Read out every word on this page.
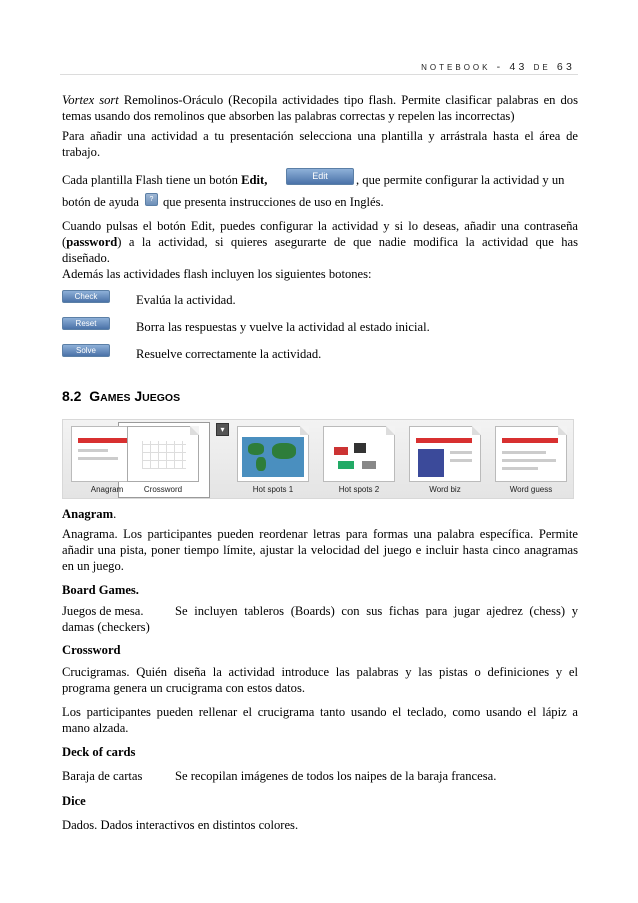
NOTEBOOK - 43 DE 63

Vortex sort Remolinos-Oráculo (Recopila actividades tipo flash. Permite clasificar palabras en dos
temas usando dos remolinos que absorben las palabras correctas y repelen las incorrectas)

Para añadir una actividad a tu presentación selecciona una plantilla y arrástrala hasta el área de
trabajo.

Cada plantilla Flash tiene un botón Edit,	Edit	, que permite configurar la actividad y un

botón de ayuda	? que presenta instrucciones de uso en Inglés.

Cuando pulsas el botón Edit, puedes configurar la actividad y si lo deseas, añadir una contraseña
(password) a la actividad, si quieres asegurarte de que nadie modifica la actividad que has
diseñado.
Además las actividades flash incluyen los siguientes botones:

Check	Evalúa la actividad.

Reset	Borra las respuestas y vuelve la actividad al estado inicial.

Solve	Resuelve correctamente la actividad.

8.2 GAMES JUEGOS
▾
Anagram	Crossword	Hot spots 1	Hot spots 2	Word biz	Word guess

Anagram.

Anagrama. Los participantes pueden reordenar letras para formas una palabra específica. Permite
añadir una pista, poner tiempo límite, ajustar la velocidad del juego e incluir hasta cinco anagramas
en un juego.

Board Games.

Juegos de mesa.	Se incluyen tableros (Boards) con sus fichas para jugar ajedrez (chess) y

damas (checkers)

Crossword

Crucigramas. Quién diseña la actividad introduce las palabras y las pistas o definiciones y el
programa genera un crucigrama con estos datos.

Los participantes pueden rellenar el crucigrama tanto usando el teclado, como usando el lápiz a
mano alzada.

Deck of cards

Baraja de cartas	Se recopilan imágenes de todos los naipes de la baraja francesa.

Dice

Dados. Dados interactivos en distintos colores.
